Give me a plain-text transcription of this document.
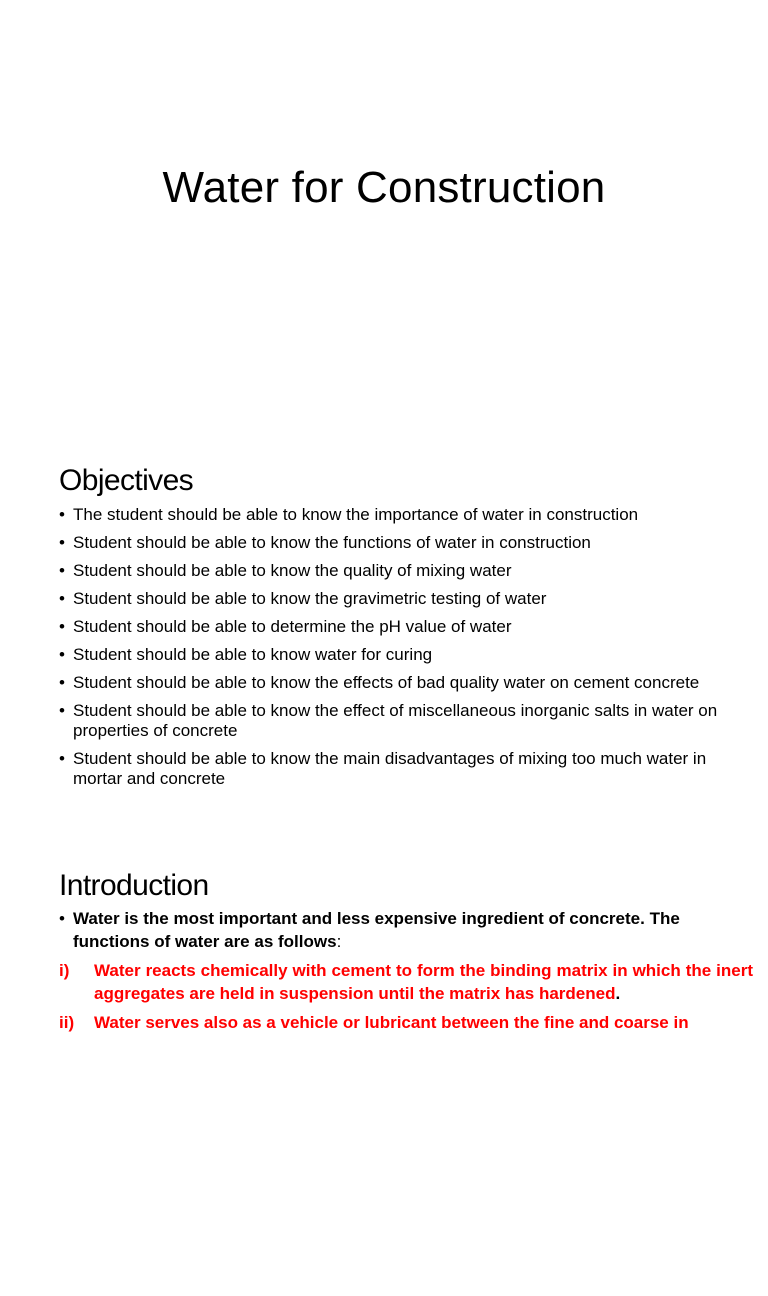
Water for Construction
Objectives
• The student should be able to know the importance of water in construction
• Student should be able to know the functions of water in construction
• Student should be able to know the quality of mixing water
• Student should be able to know the gravimetric testing of water
• Student should be able to determine the pH value of water
• Student should be able to know water for curing
• Student should be able to know the effects of bad quality water on cement concrete
• Student should be able to know the effect of miscellaneous inorganic salts in water on properties of concrete
• Student should be able to know the main disadvantages of mixing too much water in mortar and concrete
Introduction
• Water is the most important and less expensive ingredient of concrete. The functions of water are as follows:
i) Water reacts chemically with cement to form the binding matrix in which the inert aggregates are held in suspension until the matrix has hardened.
ii) Water serves also as a vehicle or lubricant between the fine and coarse in
